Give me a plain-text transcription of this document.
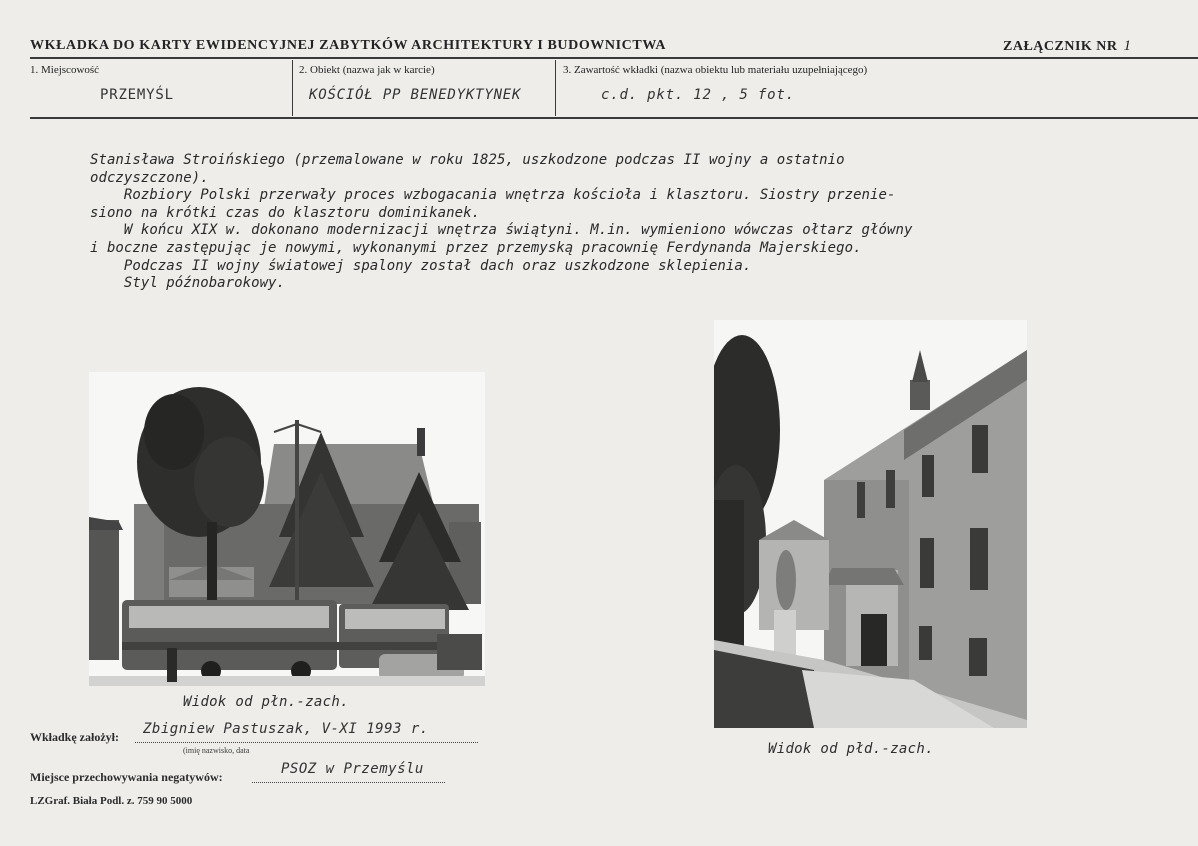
WKŁADKA DO KARTY EWIDENCYJNEJ ZABYTKÓW ARCHITEKTURY I BUDOWNICTWA	ZAŁĄCZNIK NR 1
1. Miejscowość
PRZEMYŚL
2. Obiekt (nazwa jak w karcie)
KOŚCIÓŁ PP BENEDYKTYNEK
3. Zawartość wkładki (nazwa obiektu lub materiału uzupełniającego)
c.d. pkt. 12 , 5 fot.
Stanisława Stroińskiego (przemalowane w roku 1825, uszkodzone podczas II wojny a ostatnio
odczyszczone).
Rozbiory Polski przerwały proces wzbogacania wnętrza kościoła i klasztoru. Siostry przenie-
siono na krótki czas do klasztoru dominikanek.
W końcu XIX w. dokonano modernizacji wnętrza świątyni. M.in. wymieniono wówczas ołtarz główny
i boczne zastępując je nowymi, wykonanymi przez przemyską pracownię Ferdynanda Majerskiego.
Podczas II wojny światowej spalony został dach oraz uszkodzone sklepienia.
Styl późnobarokowy.
Widok od płn.-zach.
Widok od płd.-zach.
Wkładkę założył: Zbigniew Pastuszak, V-XI 1993 r.
(imię nazwisko, data
Miejsce przechowywania negatywów:	PSOZ w Przemyślu
LZGraf. Biała Podl. z. 759 90 5000
